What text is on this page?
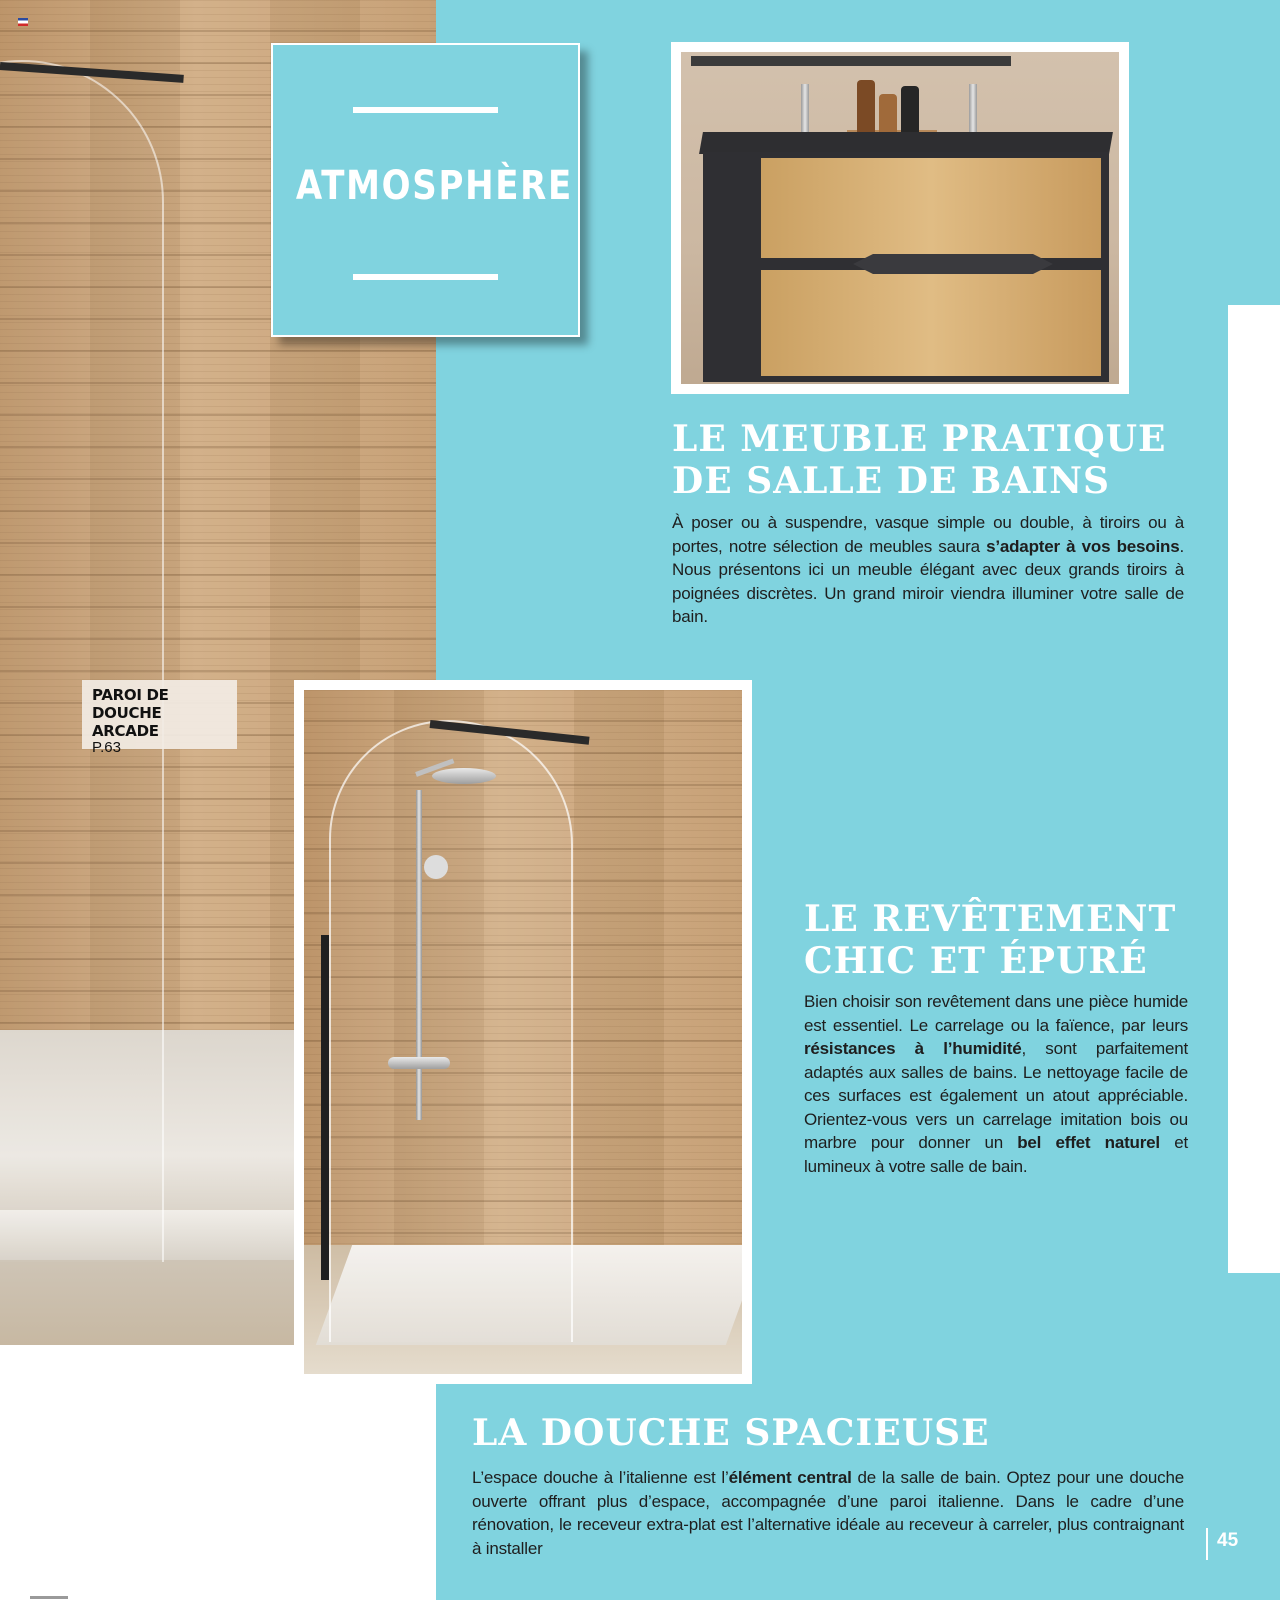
ATMOSPHÈRE
PAROI DE DOUCHE
ARCADE
P.63
LE MEUBLE PRATIQUE
DE SALLE DE BAINS

À poser ou à suspendre, vasque simple ou double, à tiroirs ou à portes, notre sélection de meubles saura s’adapter à vos besoins. Nous présentons ici un meuble élégant avec deux grands tiroirs à poignées discrètes. Un grand miroir viendra illuminer votre salle de bain.

LE REVÊTEMENT
CHIC ET ÉPURÉ

Bien choisir son revêtement dans une pièce humide est essentiel. Le carrelage ou la faïence, par leurs résistances à l’humidité, sont parfaitement adaptés aux salles de bains. Le nettoyage facile de ces surfaces est également un atout appréciable. Orientez-vous vers un carrelage imitation bois ou marbre pour donner un bel effet naturel et lumineux à votre salle de bain.

LA DOUCHE SPACIEUSE

L’espace douche à l’italienne est l’élément central de la salle de bain. Optez pour une douche ouverte offrant plus d’espace, accompagnée d’une paroi italienne. Dans le cadre d’une rénovation, le receveur extra-plat est l’alternative idéale au receveur à carreler, plus contraignant à installer	45
